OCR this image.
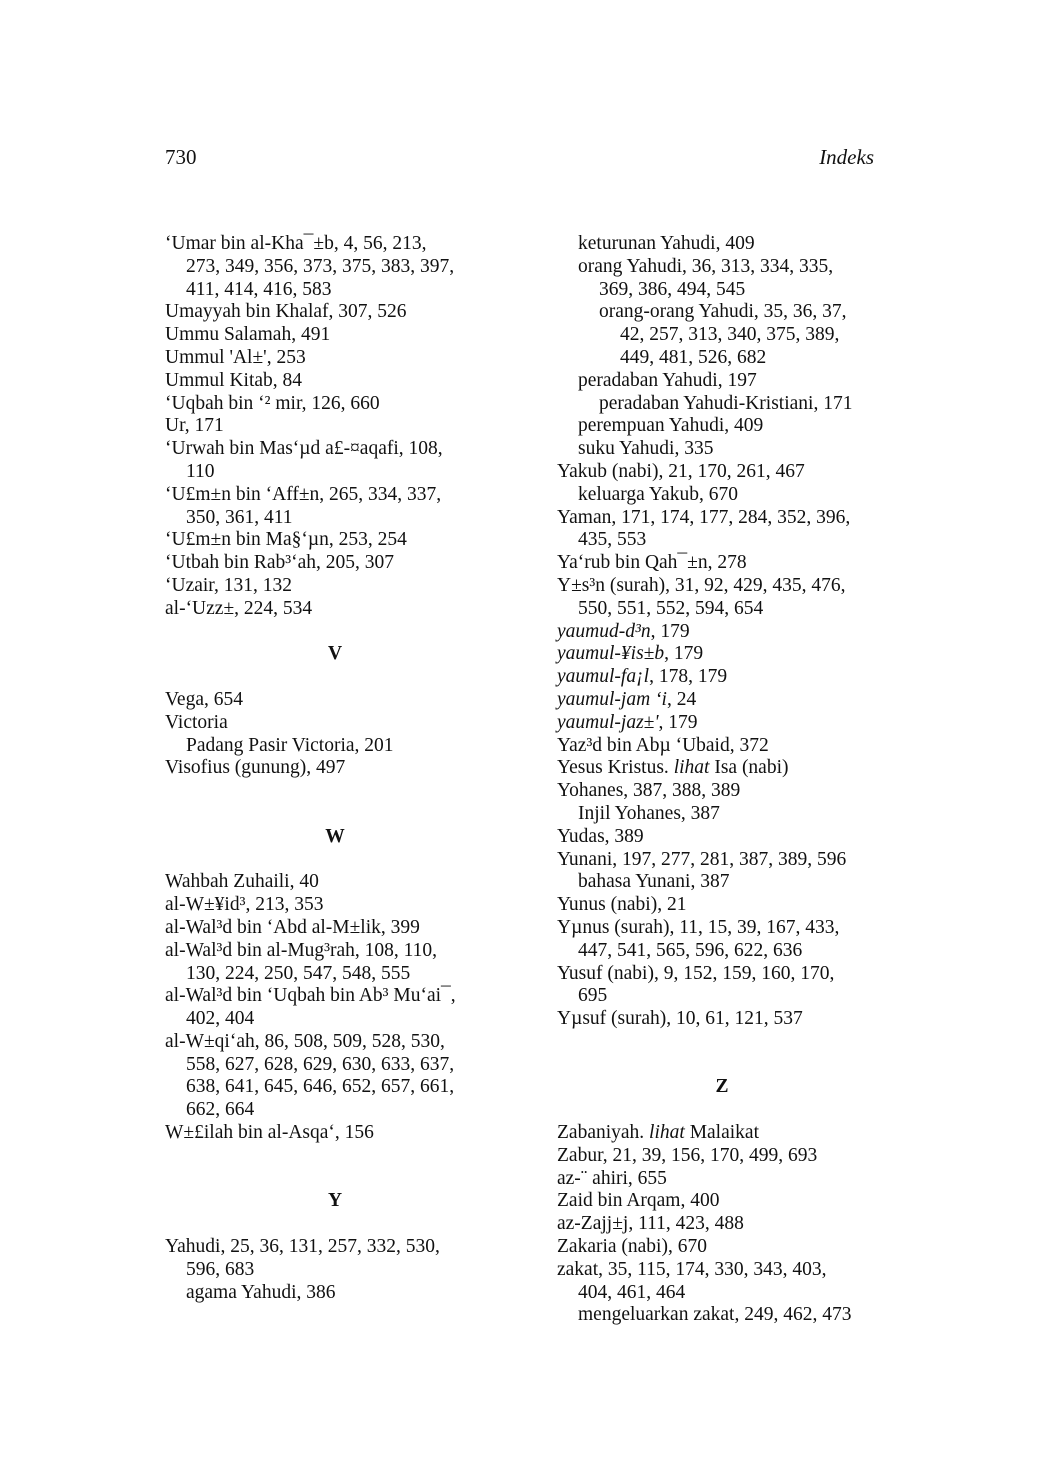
730	Indeks
‘Umar bin al-Kha¯±b, 4, 56, 213,
273, 349, 356, 373, 375, 383, 397,
411, 414, 416, 583
Umayyah bin Khalaf, 307, 526
Ummu Salamah, 491
Ummul 'Al±', 253
Ummul Kitab, 84
‘Uqbah bin ‘² mir, 126, 660
Ur, 171
‘Urwah bin Mas‘µd a£-¤aqafi, 108,
110
‘U£m±n bin ‘Aff±n, 265, 334, 337,
350, 361, 411
‘U£m±n bin Ma§‘µn, 253, 254
‘Utbah bin Rab³‘ah, 205, 307
‘Uzair, 131, 132
al-‘Uzz±, 224, 534
V
Vega, 654
Victoria
Padang Pasir Victoria, 201
Visofius (gunung), 497
W
Wahbah Zuhaili, 40
al-W±¥id³, 213, 353
al-Wal³d bin ‘Abd al-M±lik, 399
al-Wal³d bin al-Mug³rah, 108, 110,
130, 224, 250, 547, 548, 555
al-Wal³d bin ‘Uqbah bin Ab³ Mu‘ai¯,
402, 404
al-W±qi‘ah, 86, 508, 509, 528, 530,
558, 627, 628, 629, 630, 633, 637,
638, 641, 645, 646, 652, 657, 661,
662, 664
W±£ilah bin al-Asqa‘, 156
Y
Yahudi, 25, 36, 131, 257, 332, 530,
596, 683
agama Yahudi, 386
keturunan Yahudi, 409
orang Yahudi, 36, 313, 334, 335,
369, 386, 494, 545
orang-orang Yahudi, 35, 36, 37,
42, 257, 313, 340, 375, 389,
449, 481, 526, 682
peradaban Yahudi, 197
peradaban Yahudi-Kristiani, 171
perempuan Yahudi, 409
suku Yahudi, 335
Yakub (nabi), 21, 170, 261, 467
keluarga Yakub, 670
Yaman, 171, 174, 177, 284, 352, 396,
435, 553
Ya‘rub bin Qah¯±n, 278
Y±s³n (surah), 31, 92, 429, 435, 476,
550, 551, 552, 594, 654
yaumud-d³n, 179
yaumul-¥is±b, 179
yaumul-fa¡l, 178, 179
yaumul-jam ‘i, 24
yaumul-jaz±', 179
Yaz³d bin Abµ ‘Ubaid, 372
Yesus Kristus. lihat Isa (nabi)
Yohanes, 387, 388, 389
Injil Yohanes, 387
Yudas, 389
Yunani, 197, 277, 281, 387, 389, 596
bahasa Yunani, 387
Yunus (nabi), 21
Yµnus (surah), 11, 15, 39, 167, 433,
447, 541, 565, 596, 622, 636
Yusuf (nabi), 9, 152, 159, 160, 170,
695
Yµsuf (surah), 10, 61, 121, 537
Z
Zabaniyah. lihat Malaikat
Zabur, 21, 39, 156, 170, 499, 693
az-¨ ahiri, 655
Zaid bin Arqam, 400
az-Zajj±j, 111, 423, 488
Zakaria (nabi), 670
zakat, 35, 115, 174, 330, 343, 403,
404, 461, 464
mengeluarkan zakat, 249, 462, 473
